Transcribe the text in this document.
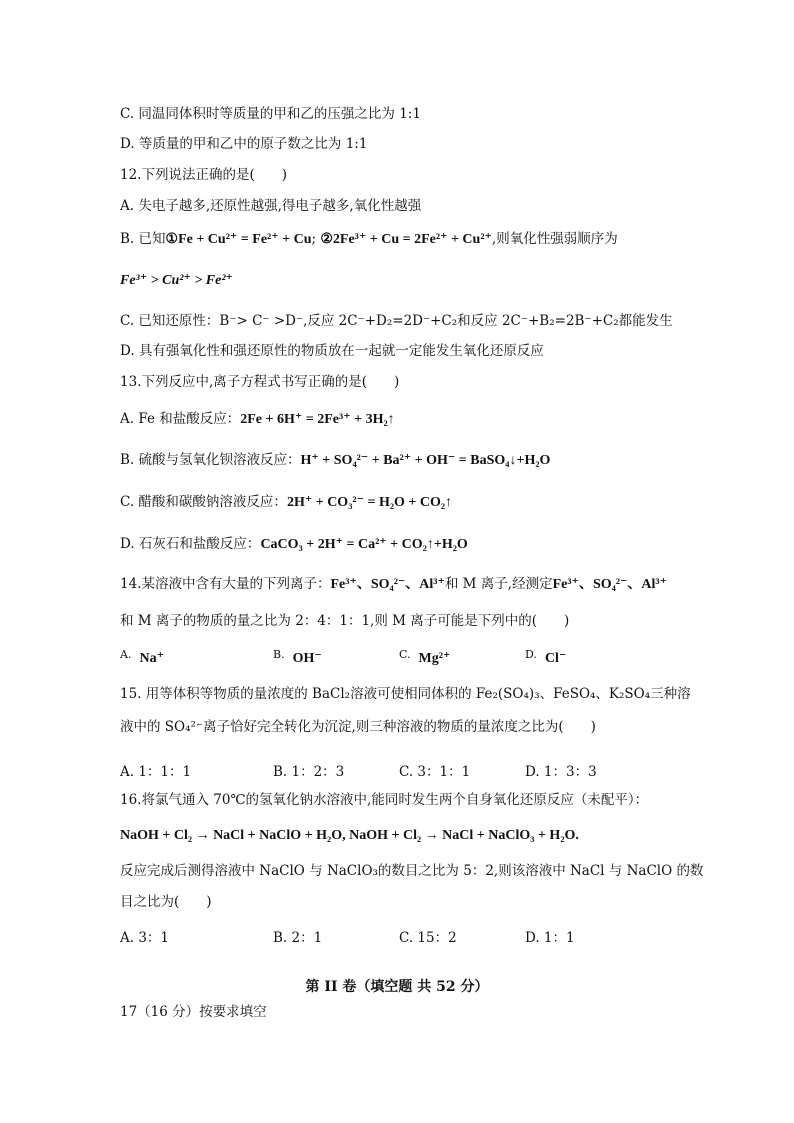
C. 同温同体积时等质量的甲和乙的压强之比为 1:1
D. 等质量的甲和乙中的原子数之比为 1:1
12.下列说法正确的是(　　)
A. 失电子越多,还原性越强,得电子越多,氧化性越强
B. 已知①Fe + Cu²⁺ = Fe²⁺ + Cu; ②2Fe³⁺ + Cu = 2Fe²⁺ + Cu²⁺,则氧化性强弱顺序为
Fe³⁺ > Cu²⁺ > Fe²⁺
C. 已知还原性：B⁻> C⁻ >D⁻,反应 2C⁻+D₂=2D⁻+C₂和反应 2C⁻+B₂=2B⁻+C₂都能发生
D. 具有强氧化性和强还原性的物质放在一起就一定能发生氧化还原反应
13.下列反应中,离子方程式书写正确的是(　　)
A. Fe 和盐酸反应：2Fe + 6H⁺ = 2Fe³⁺ + 3H₂↑
B. 硫酸与氢氧化钡溶液反应：H⁺ + SO₄²⁻ + Ba²⁺ + OH⁻ = BaSO₄↓+H₂O
C. 醋酸和碳酸钠溶液反应：2H⁺ + CO₃²⁻ = H₂O + CO₂↑
D. 石灰石和盐酸反应：CaCO₃ + 2H⁺ = Ca²⁺ + CO₂↑+H₂O
14.某溶液中含有大量的下列离子：Fe³⁺、SO₄²⁻、Al³⁺和 M 离子,经测定Fe³⁺、SO₄²⁻、Al³⁺
和 M 离子的物质的量之比为 2：4：1：1,则 M 离子可能是下列中的(　　)
$^{A.}$ Na⁺	$^{B.}$ OH⁻	$^{C.}$ Mg²⁺	$^{D.}$ Cl⁻
15. 用等体积等物质的量浓度的 BaCl₂溶液可使相同体积的 Fe₂(SO₄)₃、FeSO₄、K₂SO₄三种溶
液中的 SO₄²⁻离子恰好完全转化为沉淀,则三种溶液的物质的量浓度之比为(　　)
A. 1：1：1	B. 1：2：3	C. 3：1：1	D. 1：3：3
16.将氯气通入 70℃的氢氧化钠水溶液中,能同时发生两个自身氧化还原反应（未配平）：
NaOH + Cl₂ → NaCl + NaClO + H₂O, NaOH + Cl₂ → NaCl + NaClO₃ + H₂O.
反应完成后测得溶液中 NaClO 与 NaClO₃的数目之比为 5：2,则该溶液中 NaCl 与 NaClO 的数
目之比为(　　)
A. 3：1	B. 2：1	C. 15：2	D. 1：1
第 II 卷（填空题 共 52 分）
17（16 分）按要求填空
